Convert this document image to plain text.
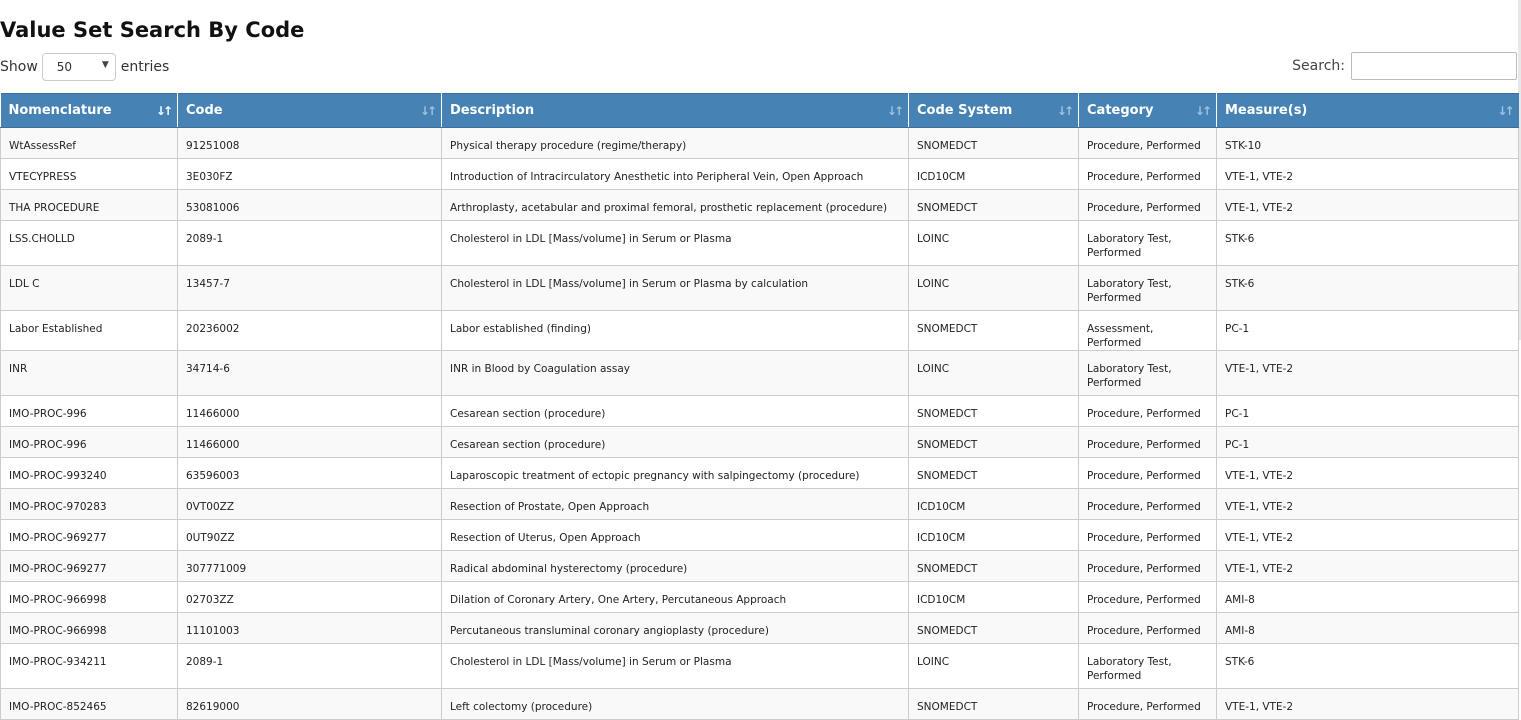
Value Set Search By Code
Show 50	▼ entries	Search:
Nomenclature ↓↑	Code ↓↑	Description ↓↑	Code System ↓↑	Category ↓↑	Measure(s) ↓↑

WtAssessRef	91251008	Physical therapy procedure (regime/therapy)	SNOMEDCT	Procedure, Performed	STK-10
VTECYPRESS	3E030FZ	Introduction of Intracirculatory Anesthetic into Peripheral Vein, Open Approach	ICD10CM	Procedure, Performed	VTE-1, VTE-2
THA PROCEDURE	53081006	Arthroplasty, acetabular and proximal femoral, prosthetic replacement (procedure)	SNOMEDCT	Procedure, Performed	VTE-1, VTE-2
LSS.CHOLLD	2089-1	Cholesterol in LDL [Mass/volume] in Serum or Plasma	LOINC	Laboratory Test, Performed	STK-6
LDL C	13457-7	Cholesterol in LDL [Mass/volume] in Serum or Plasma by calculation	LOINC	Laboratory Test, Performed	STK-6
Labor Established	20236002	Labor established (finding)	SNOMEDCT	Assessment, Performed	PC-1
INR	34714-6	INR in Blood by Coagulation assay	LOINC	Laboratory Test, Performed	VTE-1, VTE-2
IMO-PROC-996	11466000	Cesarean section (procedure)	SNOMEDCT	Procedure, Performed	PC-1
IMO-PROC-996	11466000	Cesarean section (procedure)	SNOMEDCT	Procedure, Performed	PC-1
IMO-PROC-993240	63596003	Laparoscopic treatment of ectopic pregnancy with salpingectomy (procedure)	SNOMEDCT	Procedure, Performed	VTE-1, VTE-2
IMO-PROC-970283	0VT00ZZ	Resection of Prostate, Open Approach	ICD10CM	Procedure, Performed	VTE-1, VTE-2
IMO-PROC-969277	0UT90ZZ	Resection of Uterus, Open Approach	ICD10CM	Procedure, Performed	VTE-1, VTE-2
IMO-PROC-969277	307771009	Radical abdominal hysterectomy (procedure)	SNOMEDCT	Procedure, Performed	VTE-1, VTE-2
IMO-PROC-966998	02703ZZ	Dilation of Coronary Artery, One Artery, Percutaneous Approach	ICD10CM	Procedure, Performed	AMI-8
IMO-PROC-966998	11101003	Percutaneous transluminal coronary angioplasty (procedure)	SNOMEDCT	Procedure, Performed	AMI-8
IMO-PROC-934211	2089-1	Cholesterol in LDL [Mass/volume] in Serum or Plasma	LOINC	Laboratory Test, Performed	STK-6
IMO-PROC-852465	82619000	Left colectomy (procedure)	SNOMEDCT	Procedure, Performed	VTE-1, VTE-2
